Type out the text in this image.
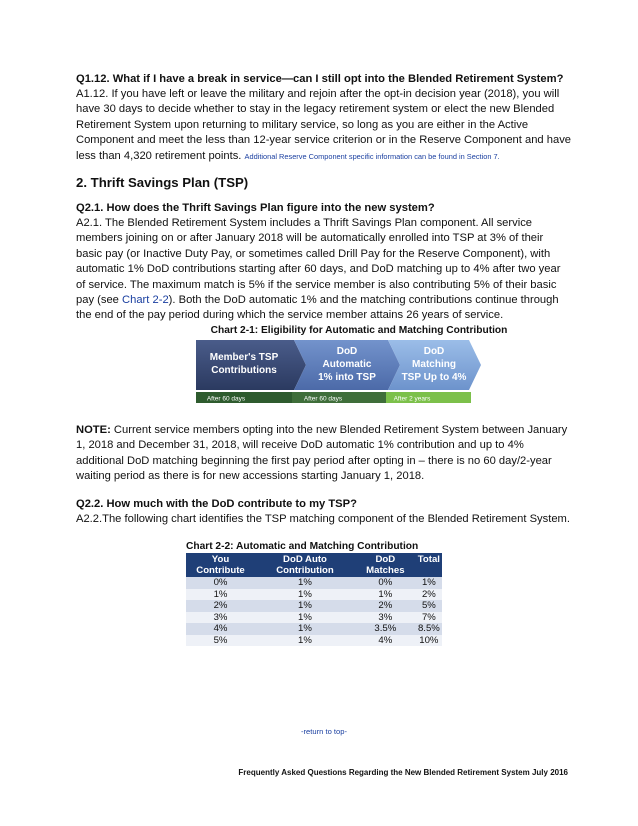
Q1.12. What if I have a break in service—can I still opt into the Blended Retirement System?

A1.12. If you have left or leave the military and rejoin after the opt-in decision year (2018), you will have 30 days to decide whether to stay in the legacy retirement system or elect the new Blended Retirement System upon returning to military service, so long as you are either in the Active Component and meet the less than 12-year service criterion or in the Reserve Component and have less than 4,320 retirement points. Additional Reserve Component specific information can be found in Section 7.

2. Thrift Savings Plan (TSP)

Q2.1. How does the Thrift Savings Plan figure into the new system?

A2.1. The Blended Retirement System includes a Thrift Savings Plan component. All service members joining on or after January 2018 will be automatically enrolled into TSP at 3% of their basic pay (or Inactive Duty Pay, or sometimes called Drill Pay for the Reserve Component), with automatic 1% DoD contributions starting after 60 days, and DoD matching up to 4% after two year of service. The maximum match is 5% if the service member is also contributing 5% of their basic pay (see Chart 2-2). Both the DoD automatic 1% and the matching contributions continue through the end of the pay period during which the service member attains 26 years of service.

Chart 2-1: Eligibility for Automatic and Matching Contribution

Member's TSP
Contributions
DoD
Automatic
1% into TSP
DoD
Matching
TSP Up to 4%
After 60 days	After 60 days	After 2 years

NOTE: Current service members opting into the new Blended Retirement System between January 1, 2018 and December 31, 2018, will receive DoD automatic 1% contribution and up to 4% additional DoD matching beginning the first pay period after opting in – there is no 60 day/2-year waiting period as there is for new accessions starting January 1, 2018.

Q2.2. How much with the DoD contribute to my TSP?

A2.2.The following chart identifies the TSP matching component of the Blended Retirement System.

Chart 2-2: Automatic and Matching Contribution

You Contribute	DoD Auto Contribution	DoD Matches	Total
0%	1%	0%	1%
1%	1%	1%	2%
2%	1%	2%	5%
3%	1%	3%	7%
4%	1%	3.5%	8.5%
5%	1%	4%	10%
-return to top-
Frequently Asked Questions Regarding the New Blended Retirement System July 2016
